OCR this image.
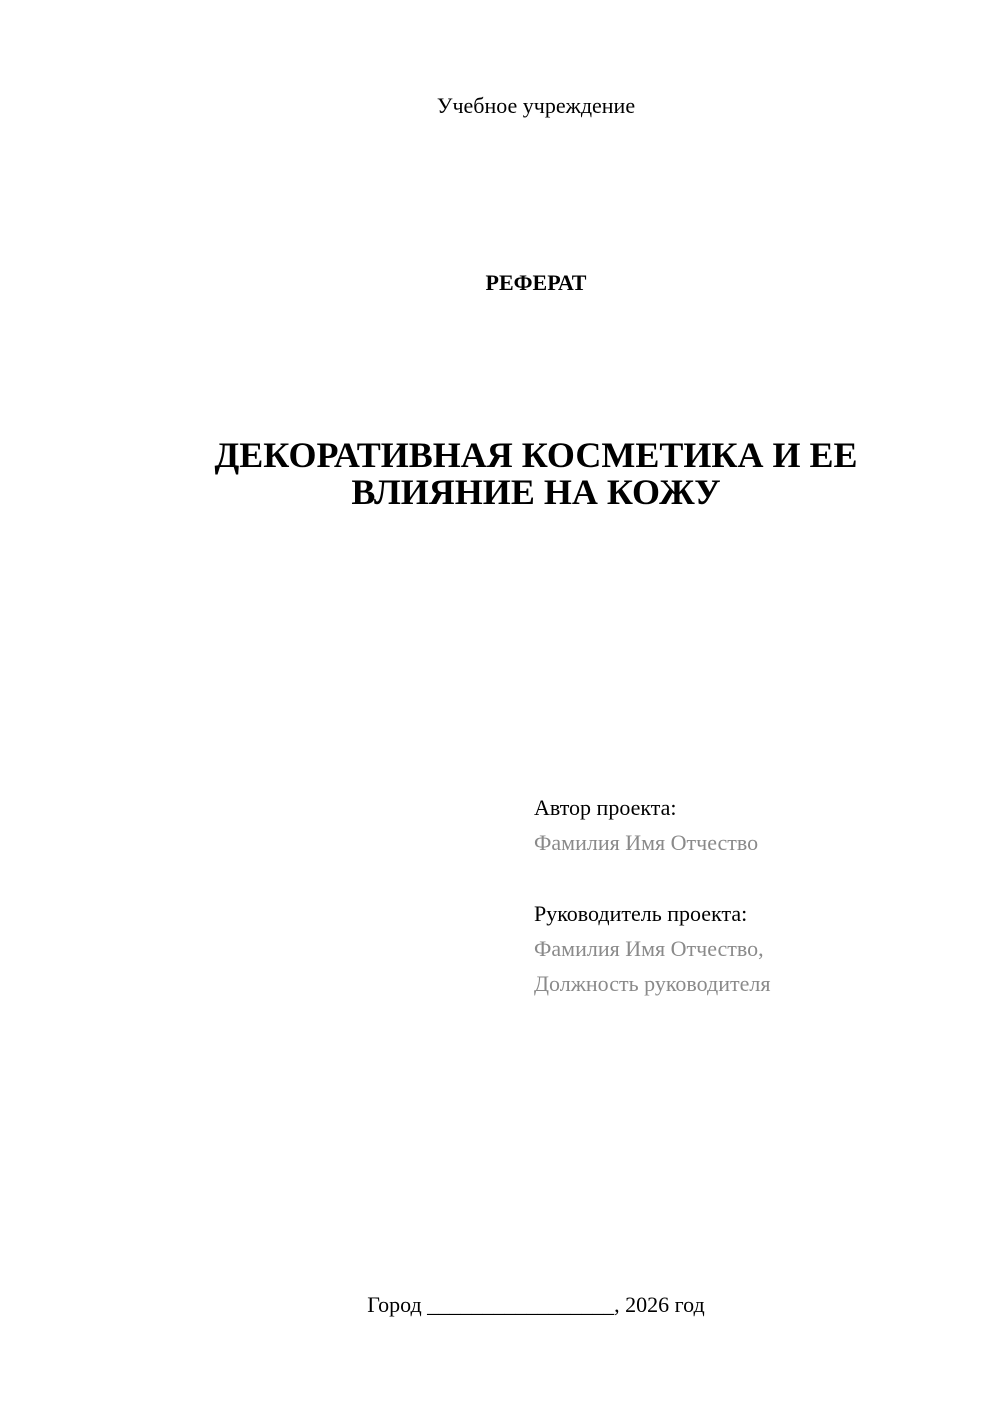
Учебное учреждение
РЕФЕРАТ
ДЕКОРАТИВНАЯ КОСМЕТИКА И ЕЕ
ВЛИЯНИЕ НА КОЖУ
Автор проекта:
Фамилия Имя Отчество
Руководитель проекта:
Фамилия Имя Отчество,
Должность руководителя
Город _________________, 2026 год
